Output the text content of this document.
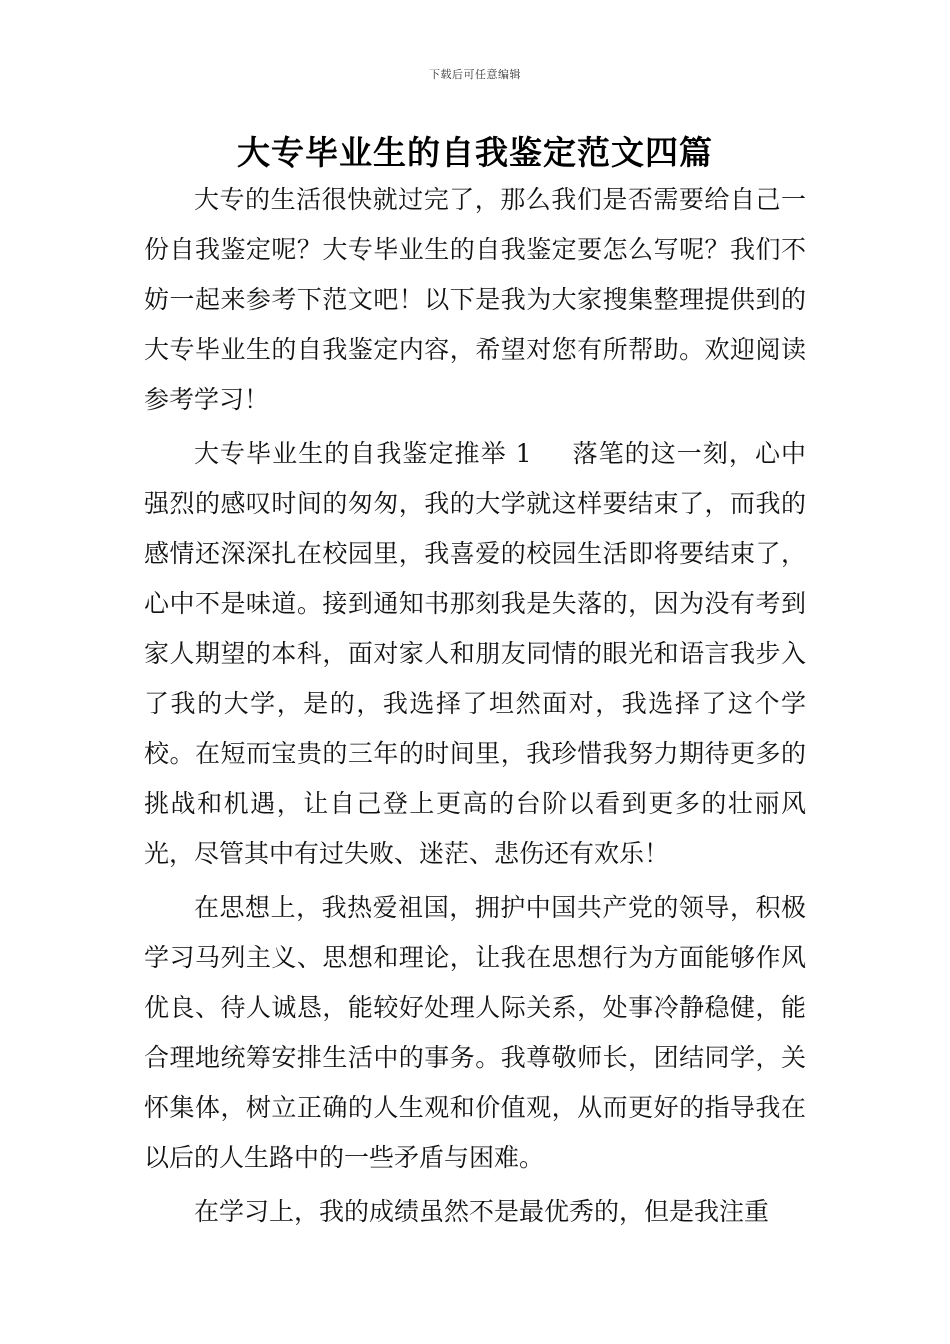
下载后可任意编辑
大专毕业生的自我鉴定范文四篇

大专的生活很快就过完了，那么我们是否需要给自己一份自我鉴定呢？大专毕业生的自我鉴定要怎么写呢？我们不妨一起来参考下范文吧！以下是我为大家搜集整理提供到的大专毕业生的自我鉴定内容，希望对您有所帮助。欢迎阅读参考学习！

大专毕业生的自我鉴定推举 1 落笔的这一刻，心中强烈的感叹时间的匆匆，我的大学就这样要结束了，而我的感情还深深扎在校园里，我喜爱的校园生活即将要结束了，心中不是味道。接到通知书那刻我是失落的，因为没有考到家人期望的本科，面对家人和朋友同情的眼光和语言我步入了我的大学，是的，我选择了坦然面对，我选择了这个学校。在短而宝贵的三年的时间里，我珍惜我努力期待更多的挑战和机遇，让自己登上更高的台阶以看到更多的壮丽风光，尽管其中有过失败、迷茫、悲伤还有欢乐！

在思想上，我热爱祖国，拥护中国共产党的领导，积极学习马列主义、思想和理论，让我在思想行为方面能够作风优良、待人诚恳，能较好处理人际关系，处事冷静稳健，能合理地统筹安排生活中的事务。我尊敬师长，团结同学，关怀集体，树立正确的人生观和价值观，从而更好的指导我在以后的人生路中的一些矛盾与困难。

在学习上，我的成绩虽然不是最优秀的，但是我注重
